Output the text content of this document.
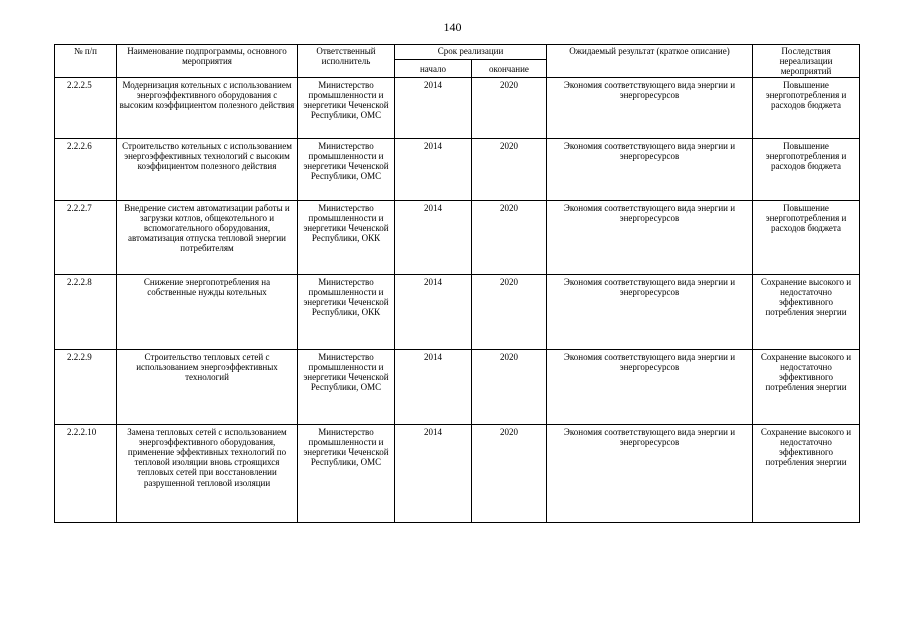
140
№ п/п	Наименование подпрограммы, основного мероприятия	Ответственный исполнитель	Срок реализации		Ожидаемый результат (краткое описание)	Последствия нереализации мероприятий
			начало	окончание		
2.2.2.5	Модернизация котельных с использованием энергоэффективного оборудования с высоким коэффициентом полезного действия	Министерство промышленности и энергетики Чеченской Республики, ОМС	2014	2020	Экономия соответствующего вида энергии и энергоресурсов	Повышение энергопотребления и расходов бюджета
2.2.2.6	Строительство котельных с использованием энергоэффективных технологий с высоким коэффициентом полезного действия	Министерство промышленности и энергетики Чеченской Республики, ОМС	2014	2020	Экономия соответствующего вида энергии и энергоресурсов	Повышение энергопотребления и расходов бюджета
2.2.2.7	Внедрение систем автоматизации работы и загрузки котлов, общекотельного и вспомогательного оборудования, автоматизация отпуска тепловой энергии потребителям	Министерство промышленности и энергетики Чеченской Республики, ОКК	2014	2020	Экономия соответствующего вида энергии и энергоресурсов	Повышение энергопотребления и расходов бюджета
2.2.2.8	Снижение энергопотребления на собственные нужды котельных	Министерство промышленности и энергетики Чеченской Республики, ОКК	2014	2020	Экономия соответствующего вида энергии и энергоресурсов	Сохранение высокого и недостаточно эффективного потребления энергии
2.2.2.9	Строительство тепловых сетей с использованием энергоэффективных технологий	Министерство промышленности и энергетики Чеченской Республики, ОМС	2014	2020	Экономия соответствующего вида энергии и энергоресурсов	Сохранение высокого и недостаточно эффективного потребления энергии
2.2.2.10	Замена тепловых сетей с использованием энергоэффективного оборудования, применение эффективных технологий по тепловой изоляции вновь строящихся тепловых сетей при восстановлении разрушенной тепловой изоляции	Министерство промышленности и энергетики Чеченской Республики, ОМС	2014	2020	Экономия соответствующего вида энергии и энергоресурсов	Сохранение высокого и недостаточно эффективного потребления энергии
